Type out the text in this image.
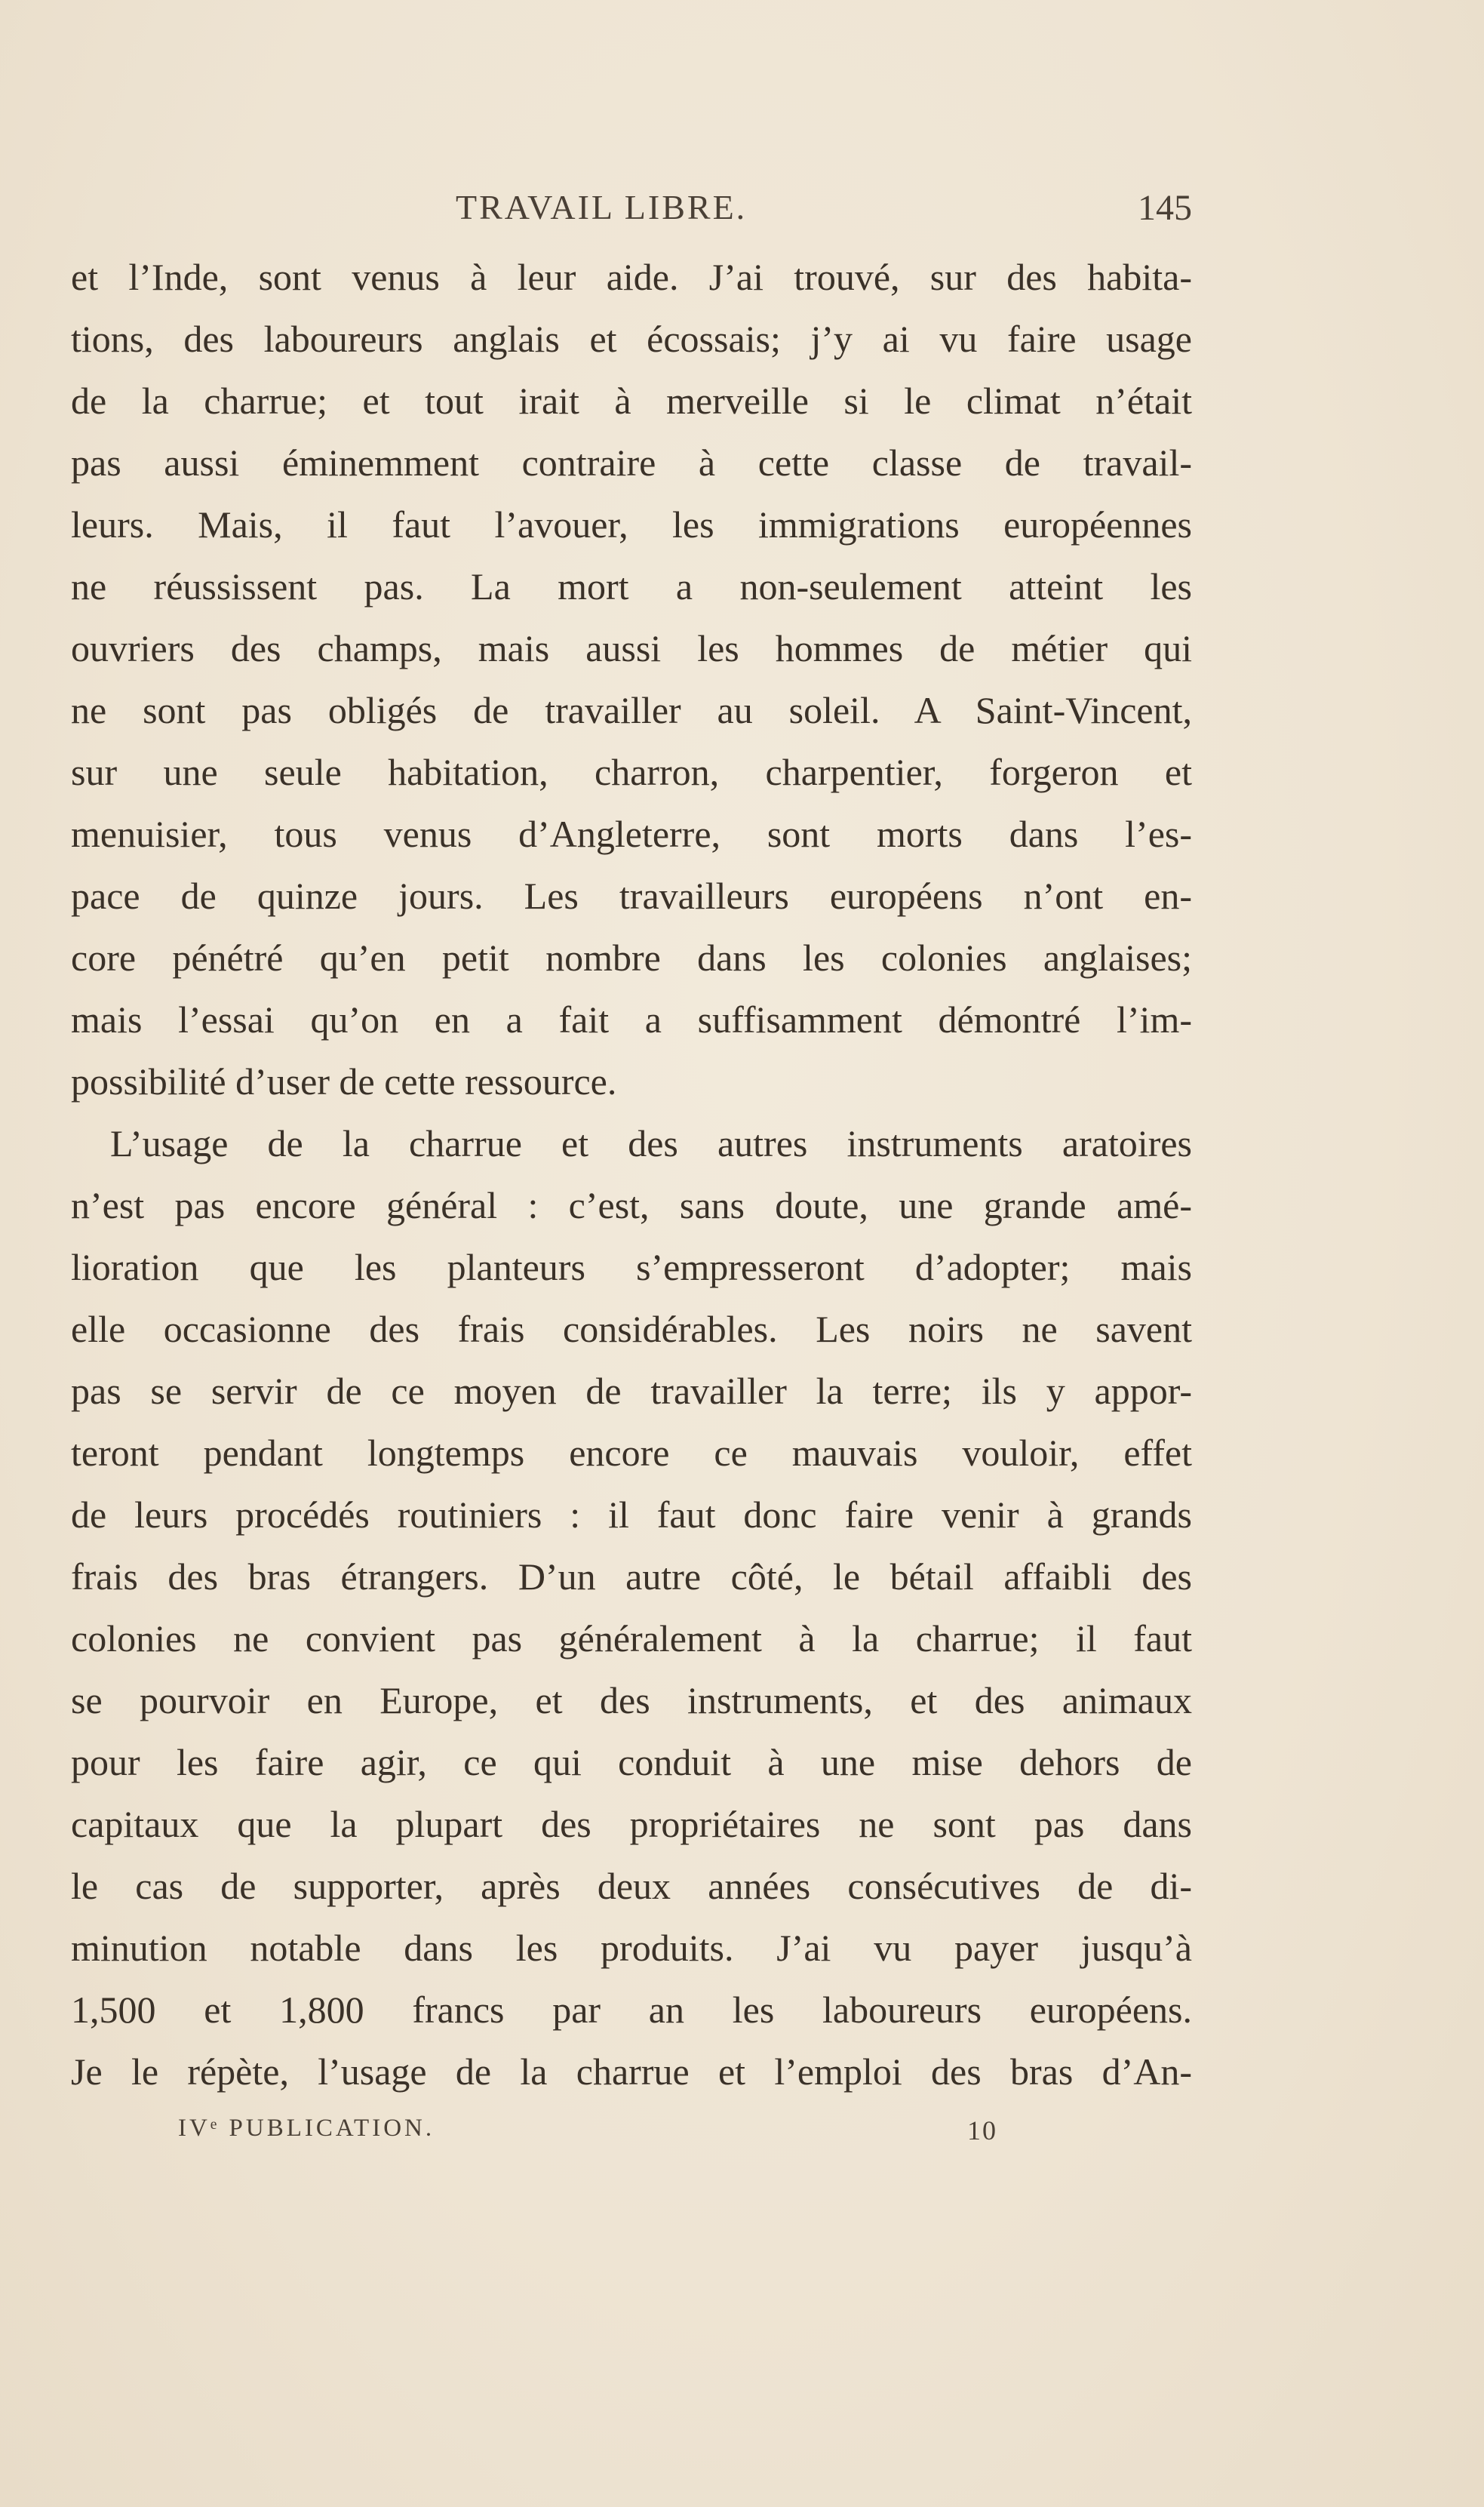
TRAVAIL LIBRE.	145
et l’Inde, sont venus à leur aide. J’ai trouvé, sur des habita-
tions, des laboureurs anglais et écossais; j’y ai vu faire usage
de la charrue; et tout irait à merveille si le climat n’était
pas aussi éminemment contraire à cette classe de travail-
leurs. Mais, il faut l’avouer, les immigrations européennes
ne réussissent pas. La mort a non-seulement atteint les
ouvriers des champs, mais aussi les hommes de métier qui
ne sont pas obligés de travailler au soleil. A Saint-Vincent,
sur une seule habitation, charron, charpentier, forgeron et
menuisier, tous venus d’Angleterre, sont morts dans l’es-
pace de quinze jours. Les travailleurs européens n’ont en-
core pénétré qu’en petit nombre dans les colonies anglaises;
mais l’essai qu’on en a fait a suffisamment démontré l’im-
possibilité d’user de cette ressource.
L’usage de la charrue et des autres instruments aratoires
n’est pas encore général : c’est, sans doute, une grande amé-
lioration que les planteurs s’empresseront d’adopter; mais
elle occasionne des frais considérables. Les noirs ne savent
pas se servir de ce moyen de travailler la terre; ils y appor-
teront pendant longtemps encore ce mauvais vouloir, effet
de leurs procédés routiniers : il faut donc faire venir à grands
frais des bras étrangers. D’un autre côté, le bétail affaibli des
colonies ne convient pas généralement à la charrue; il faut
se pourvoir en Europe, et des instruments, et des animaux
pour les faire agir, ce qui conduit à une mise dehors de
capitaux que la plupart des propriétaires ne sont pas dans
le cas de supporter, après deux années consécutives de di-
minution notable dans les produits. J’ai vu payer jusqu’à
1,500 et 1,800 francs par an les laboureurs européens.
Je le répète, l’usage de la charrue et l’emploi des bras d’An-
IVᵉ PUBLICATION.	10
